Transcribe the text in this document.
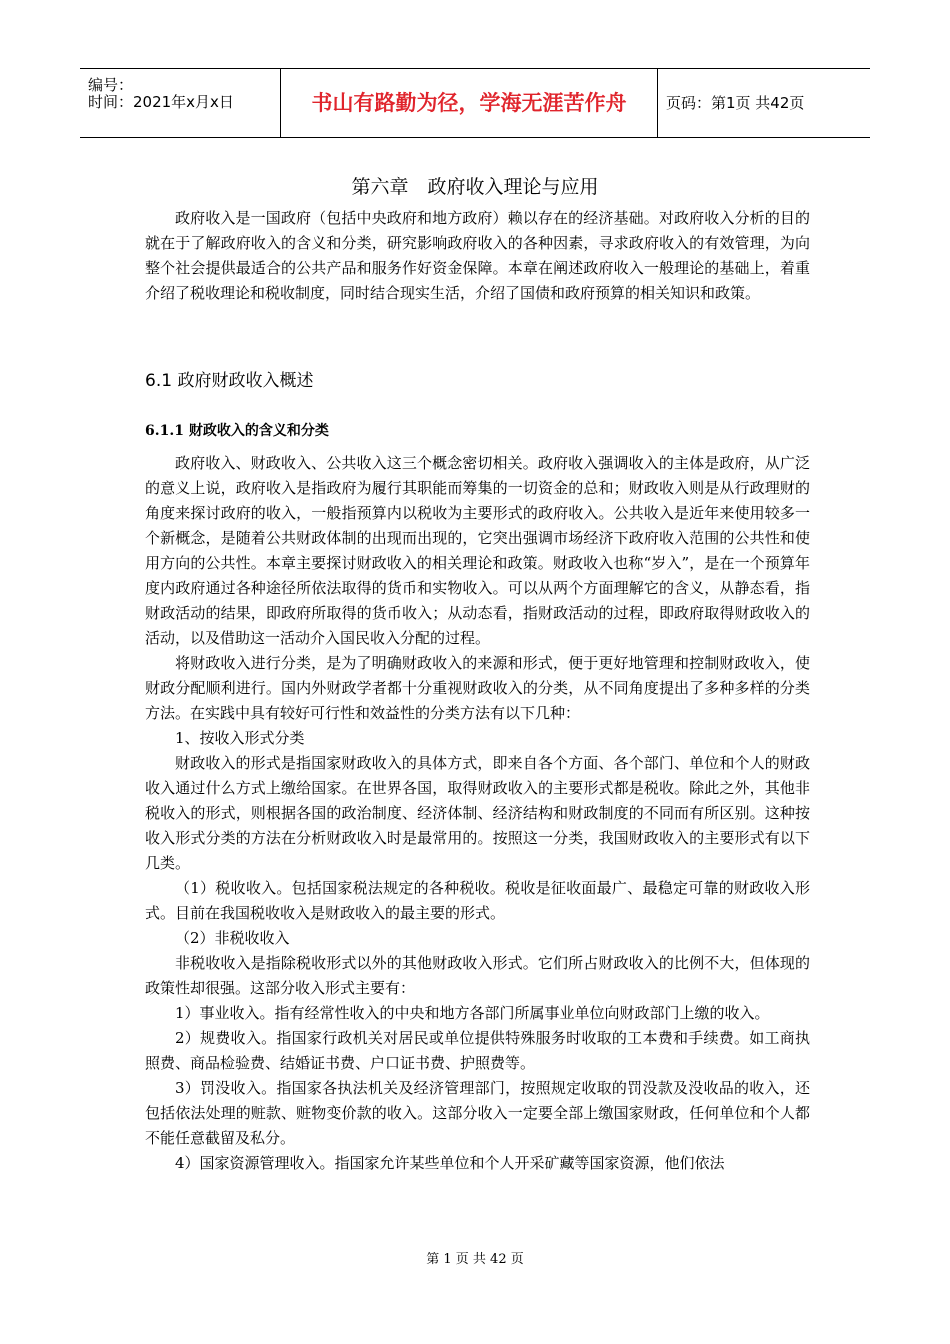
编号：
时间：2021年x月x日	书山有路勤为径，学海无涯苦作舟	页码：第1页 共42页
第六章　政府收入理论与应用

政府收入是一国政府（包括中央政府和地方政府）赖以存在的经济基础。对政府收入分析的目的就在于了解政府收入的含义和分类，研究影响政府收入的各种因素，寻求政府收入的有效管理，为向整个社会提供最适合的公共产品和服务作好资金保障。本章在阐述政府收入一般理论的基础上，着重介绍了税收理论和税收制度，同时结合现实生活，介绍了国债和政府预算的相关知识和政策。

6.1 政府财政收入概述
6.1.1 财政收入的含义和分类

政府收入、财政收入、公共收入这三个概念密切相关。政府收入强调收入的主体是政府，从广泛的意义上说，政府收入是指政府为履行其职能而筹集的一切资金的总和；财政收入则是从行政理财的角度来探讨政府的收入，一般指预算内以税收为主要形式的政府收入。公共收入是近年来使用较多一个新概念，是随着公共财政体制的出现而出现的，它突出强调市场经济下政府收入范围的公共性和使用方向的公共性。本章主要探讨财政收入的相关理论和政策。财政收入也称“岁入”，是在一个预算年度内政府通过各种途径所依法取得的货币和实物收入。可以从两个方面理解它的含义，从静态看，指财政活动的结果，即政府所取得的货币收入；从动态看，指财政活动的过程，即政府取得财政收入的活动，以及借助这一活动介入国民收入分配的过程。

将财政收入进行分类，是为了明确财政收入的来源和形式，便于更好地管理和控制财政收入，使财政分配顺利进行。国内外财政学者都十分重视财政收入的分类，从不同角度提出了多种多样的分类方法。在实践中具有较好可行性和效益性的分类方法有以下几种：

1、按收入形式分类

财政收入的形式是指国家财政收入的具体方式，即来自各个方面、各个部门、单位和个人的财政收入通过什么方式上缴给国家。在世界各国，取得财政收入的主要形式都是税收。除此之外，其他非税收入的形式，则根据各国的政治制度、经济体制、经济结构和财政制度的不同而有所区别。这种按收入形式分类的方法在分析财政收入时是最常用的。按照这一分类，我国财政收入的主要形式有以下几类。

（1）税收收入。包括国家税法规定的各种税收。税收是征收面最广、最稳定可靠的财政收入形式。目前在我国税收收入是财政收入的最主要的形式。

（2）非税收收入

非税收收入是指除税收形式以外的其他财政收入形式。它们所占财政收入的比例不大，但体现的政策性却很强。这部分收入形式主要有：

1）事业收入。指有经常性收入的中央和地方各部门所属事业单位向财政部门上缴的收入。

2）规费收入。指国家行政机关对居民或单位提供特殊服务时收取的工本费和手续费。如工商执照费、商品检验费、结婚证书费、户口证书费、护照费等。

3）罚没收入。指国家各执法机关及经济管理部门，按照规定收取的罚没款及没收品的收入，还包括依法处理的赃款、赃物变价款的收入。这部分收入一定要全部上缴国家财政，任何单位和个人都不能任意截留及私分。

4）国家资源管理收入。指国家允许某些单位和个人开采矿藏等国家资源，他们依法

第 1 页 共 42 页
